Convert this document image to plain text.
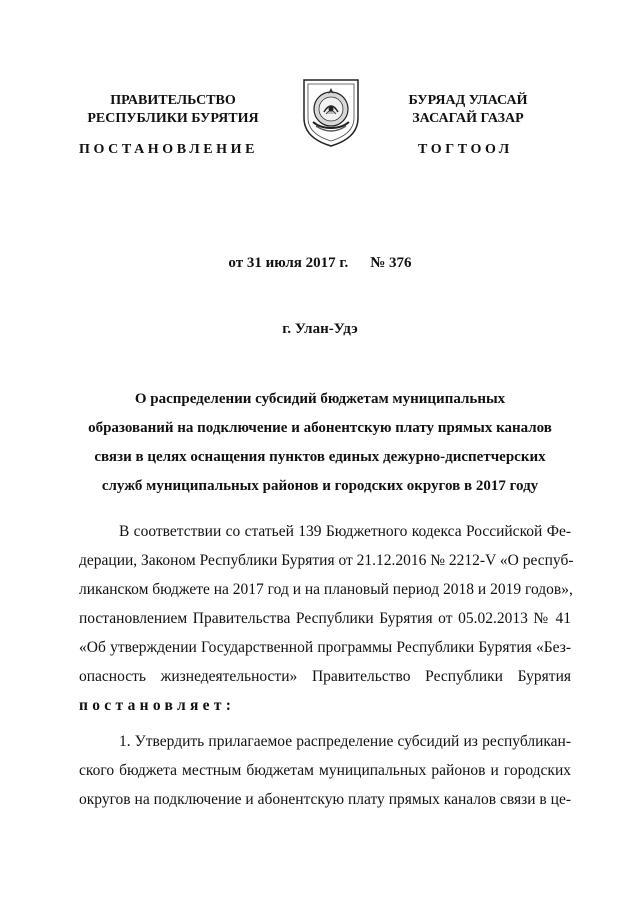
ПРАВИТЕЛЬСТВО
РЕСПУБЛИКИ БУРЯТИЯ
БУРЯАД УЛАСАЙ
ЗАСАГАЙ ГАЗАР
ПОСТАНОВЛЕНИЕ	ТОГТООЛ
от 31 июля 2017 г. № 376
г. Улан-Удэ
О распределении субсидий бюджетам муниципальных
образований на подключение и абонентскую плату прямых каналов
связи в целях оснащения пунктов единых дежурно-диспетчерских
служб муниципальных районов и городских округов в 2017 году
В соответствии со статьей 139 Бюджетного кодекса Российской Фе-
дерации, Законом Республики Бурятия от 21.12.2016 № 2212-V «О респуб-
ликанском бюджете на 2017 год и на плановый период 2018 и 2019 годов»,
постановлением Правительства Республики Бурятия от 05.02.2013 № 41
«Об утверждении Государственной программы Республики Бурятия «Без-
опасность жизнедеятельности» Правительство Республики Бурятия
постановляет:
1. Утвердить прилагаемое распределение субсидий из республикан-
ского бюджета местным бюджетам муниципальных районов и городских
округов на подключение и абонентскую плату прямых каналов связи в це-
